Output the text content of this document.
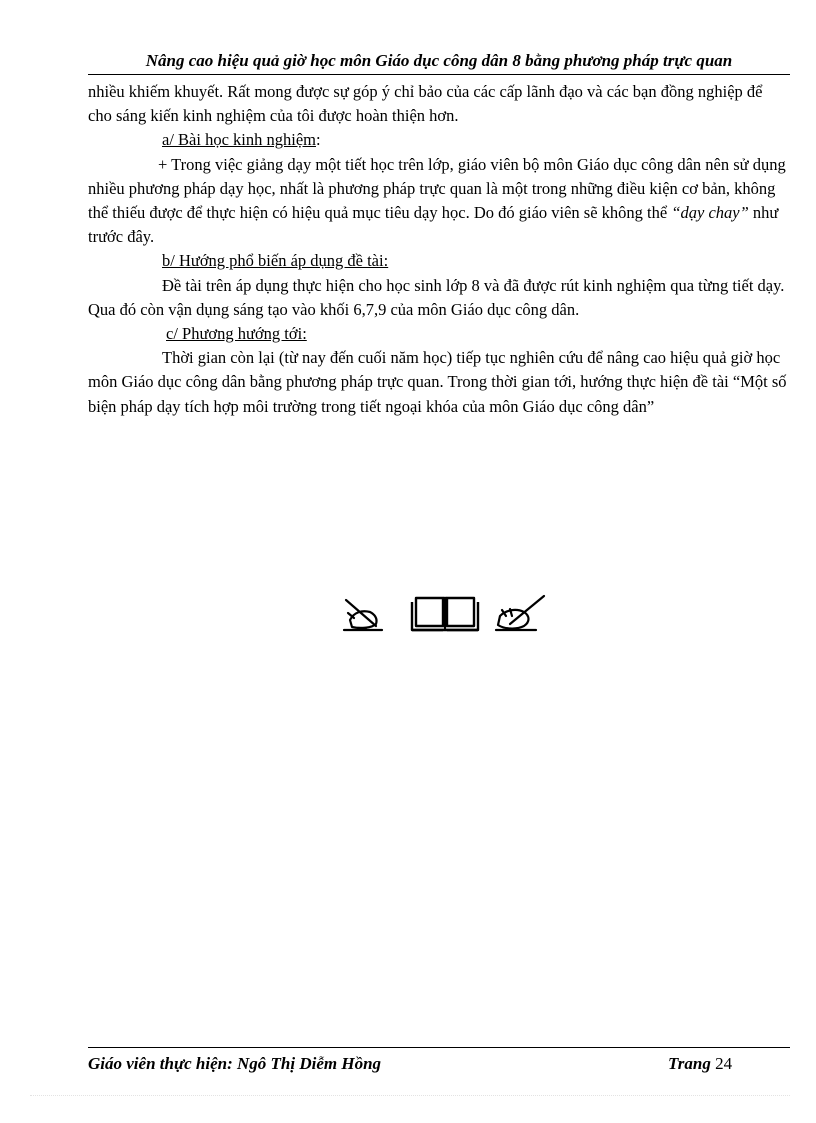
Nâng cao hiệu quả giờ học môn Giáo dục công dân 8 bằng phương pháp trực quan

nhiều khiếm khuyết. Rất mong được sự góp ý chỉ bảo của các cấp lãnh đạo và các bạn đồng nghiệp để cho sáng kiến kinh nghiệm của tôi được hoàn thiện hơn.

a/ Bài học kinh nghiệm:

+ Trong việc giảng dạy một tiết học trên lớp, giáo viên bộ môn Giáo dục công dân nên sử dụng nhiều phương pháp dạy học, nhất là phương pháp trực quan là một trong những điều kiện cơ bản, không thể thiếu được để thực hiện có hiệu quả mục tiêu dạy học. Do đó giáo viên sẽ không thể “dạy chay” như trước đây.

b/ Hướng phổ biến áp dụng đề tài:

Đề tài trên áp dụng thực hiện cho học sinh lớp 8 và đã được rút kinh nghiệm qua từng tiết dạy. Qua đó còn vận dụng sáng tạo vào khối 6,7,9 của môn Giáo dục công dân.

c/ Phương hướng tới:

Thời gian còn lại (từ nay đến cuối năm học) tiếp tục nghiên cứu để nâng cao hiệu quả giờ học môn Giáo dục công dân bằng phương pháp trực quan. Trong thời gian tới, hướng thực hiện đề tài “Một số biện pháp dạy tích hợp môi trường trong tiết ngoại khóa của môn Giáo dục công dân”

Giáo viên thực hiện: Ngô Thị Diễm Hồng	Trang 24
